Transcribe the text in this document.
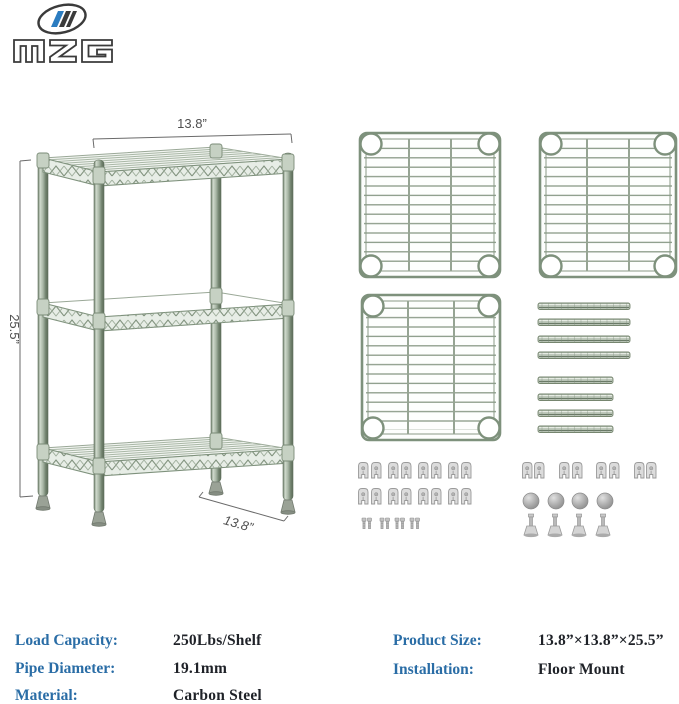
13.8”
25.5”
13.8”
Load Capacity:	250Lbs/Shelf
Pipe Diameter:	19.1mm
Material:	Carbon Steel
Product Size:	13.8”×13.8”×25.5”
Installation:	Floor Mount
